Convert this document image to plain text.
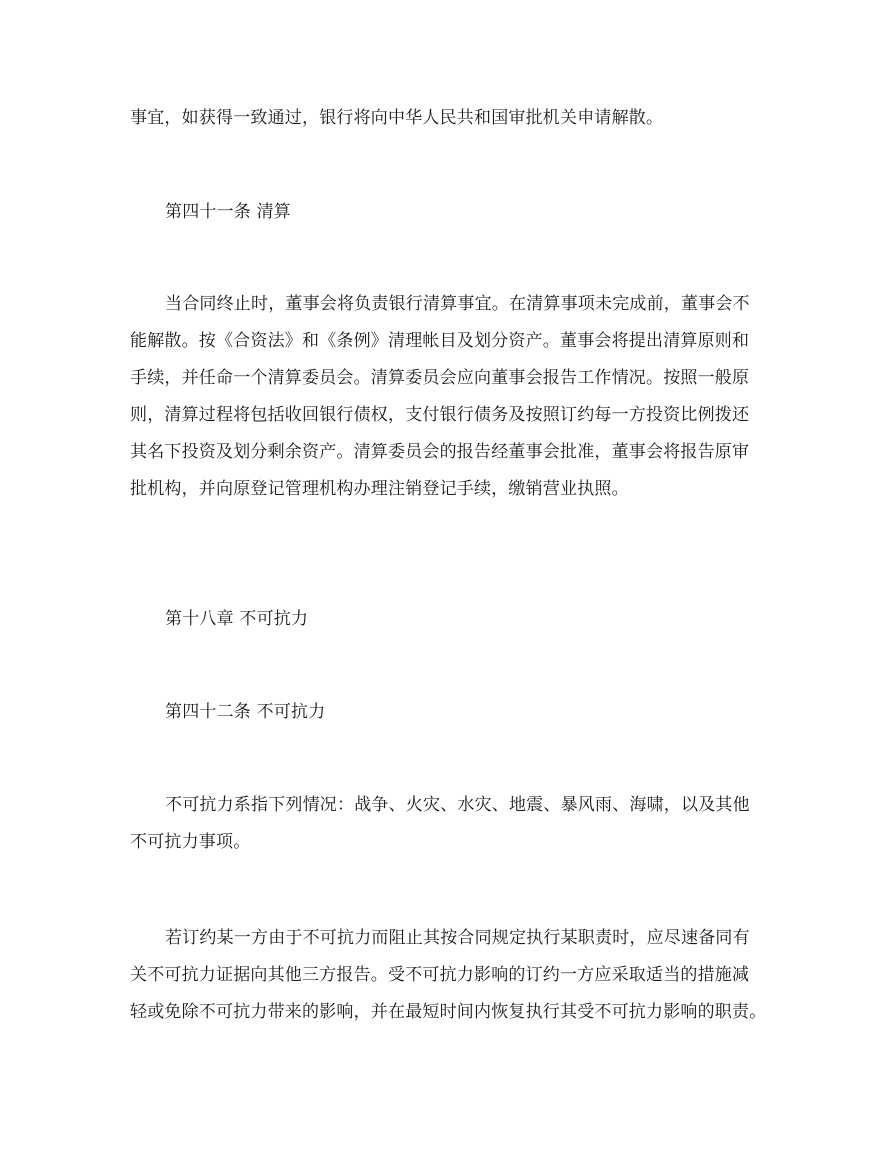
事宜，如获得一致通过，银行将向中华人民共和国审批机关申请解散。
第四十一条 清算
当合同终止时，董事会将负责银行清算事宜。在清算事项未完成前，董事会不
能解散。按《合资法》和《条例》清理帐目及划分资产。董事会将提出清算原则和
手续，并任命一个清算委员会。清算委员会应向董事会报告工作情况。按照一般原
则，清算过程将包括收回银行债权，支付银行债务及按照订约每一方投资比例拨还
其名下投资及划分剩余资产。清算委员会的报告经董事会批准，董事会将报告原审
批机构，并向原登记管理机构办理注销登记手续，缴销营业执照。
第十八章 不可抗力
第四十二条 不可抗力
不可抗力系指下列情况：战争、火灾、水灾、地震、暴风雨、海啸，以及其他
不可抗力事项。
若订约某一方由于不可抗力而阻止其按合同规定执行某职责时，应尽速备同有
关不可抗力证据向其他三方报告。受不可抗力影响的订约一方应采取适当的措施减
轻或免除不可抗力带来的影响，并在最短时间内恢复执行其受不可抗力影响的职责。
